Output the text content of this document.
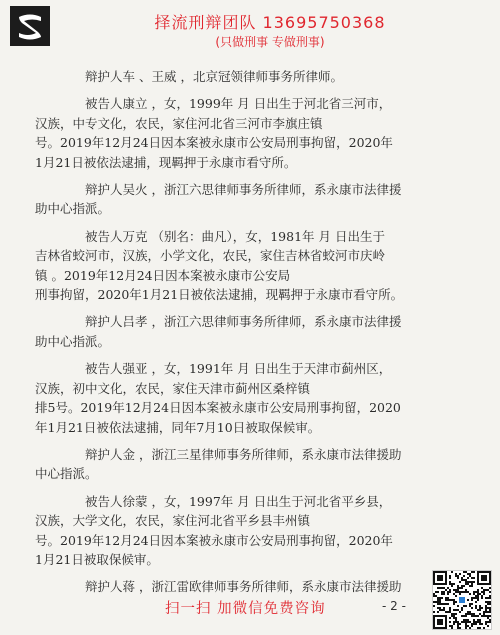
择流刑辩团队 13695750368
(只做刑事 专做刑事)
辩护人车 、王威 ，北京冠领律师事务所律师。
被告人康立 ，女，1999年 月 日出生于河北省三河市，
汉族，中专文化，农民，家住河北省三河市李旗庄镇
号。2019年12月24日因本案被永康市公安局刑事拘留，2020年
1月21日被依法逮捕，现羁押于永康市看守所。
辩护人吴火 ，浙江六思律师事务所律师，系永康市法律援
助中心指派。
被告人万克 （别名：曲凡），女，1981年 月 日出生于
吉林省蛟河市，汉族，小学文化，农民，家住吉林省蛟河市庆岭
镇 。2019年12月24日因本案被永康市公安局
刑事拘留，2020年1月21日被依法逮捕，现羁押于永康市看守所。
辩护人吕孝 ，浙江六思律师事务所律师，系永康市法律援
助中心指派。
被告人强亚 ，女，1991年 月 日出生于天津市蓟州区，
汉族，初中文化，农民，家住天津市蓟州区桑梓镇
排5号。2019年12月24日因本案被永康市公安局刑事拘留，2020
年1月21日被依法逮捕，同年7月10日被取保候审。
辩护人金 ，浙江三星律师事务所律师，系永康市法律援助
中心指派。
被告人徐蒙 ，女，1997年 月 日出生于河北省平乡县，
汉族，大学文化，农民，家住河北省平乡县丰州镇
号。2019年12月24日因本案被永康市公安局刑事拘留，2020年
1月21日被取保候审。
辩护人蒋 ，浙江雷欧律师事务所律师，系永康市法律援助
扫一扫 加微信免费咨询	- 2 -
